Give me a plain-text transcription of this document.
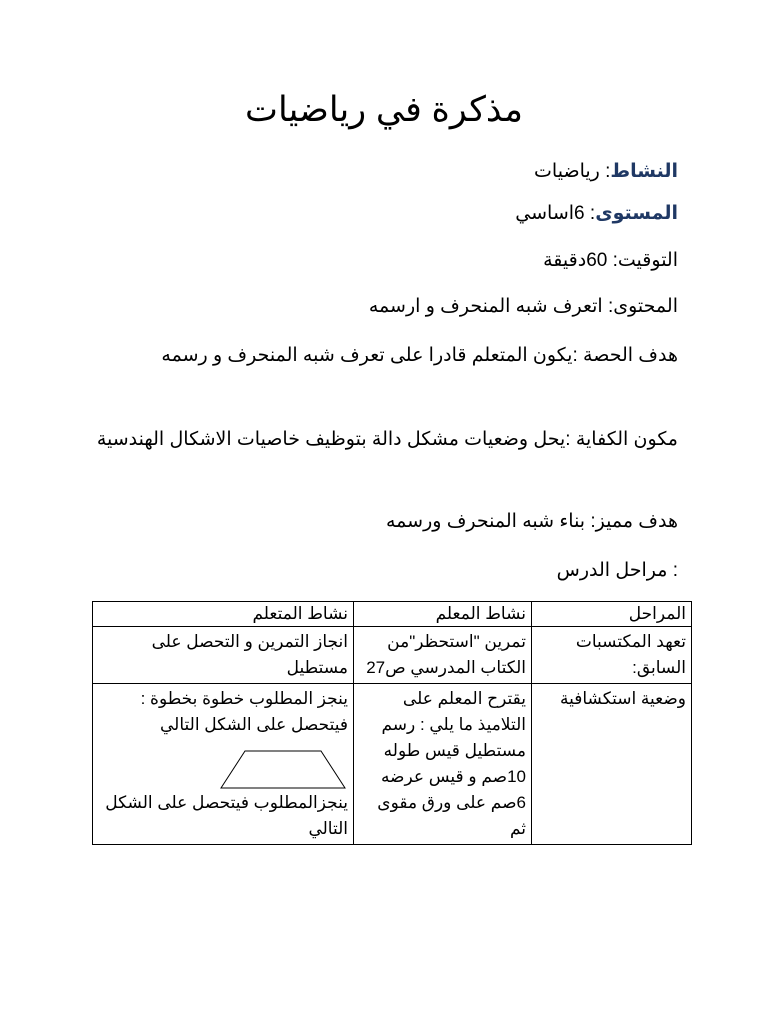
مذكرة في رياضيات
النشاط: رياضيات
المستوى: 6اساسي
التوقيت: 60دقيقة
المحتوى: اتعرف شبه المنحرف و ارسمه
هدف الحصة :يكون المتعلم قادرا على تعرف شبه المنحرف و رسمه
مكون الكفاية :يحل وضعيات مشكل دالة بتوظيف خاصيات الاشكال الهندسية
هدف مميز: بناء شبه المنحرف ورسمه
: مراحل الدرس
المراحل	نشاط المعلم	نشاط المتعلم
تعهد المكتسبات السابق:	تمرين "استحظر"من الكتاب المدرسي ص27	انجاز التمرين و التحصل على مستطيل
وضعية استكشافية	يقترح المعلم على التلاميذ ما يلي : رسم مستطيل قيس طوله 10صم و قيس عرضه 6صم على ورق مقوى ثم	ينجز المطلوب خطوة بخطوة : فيتحصل على الشكل التالي
ينجزالمطلوب فيتحصل على الشكل التالي
